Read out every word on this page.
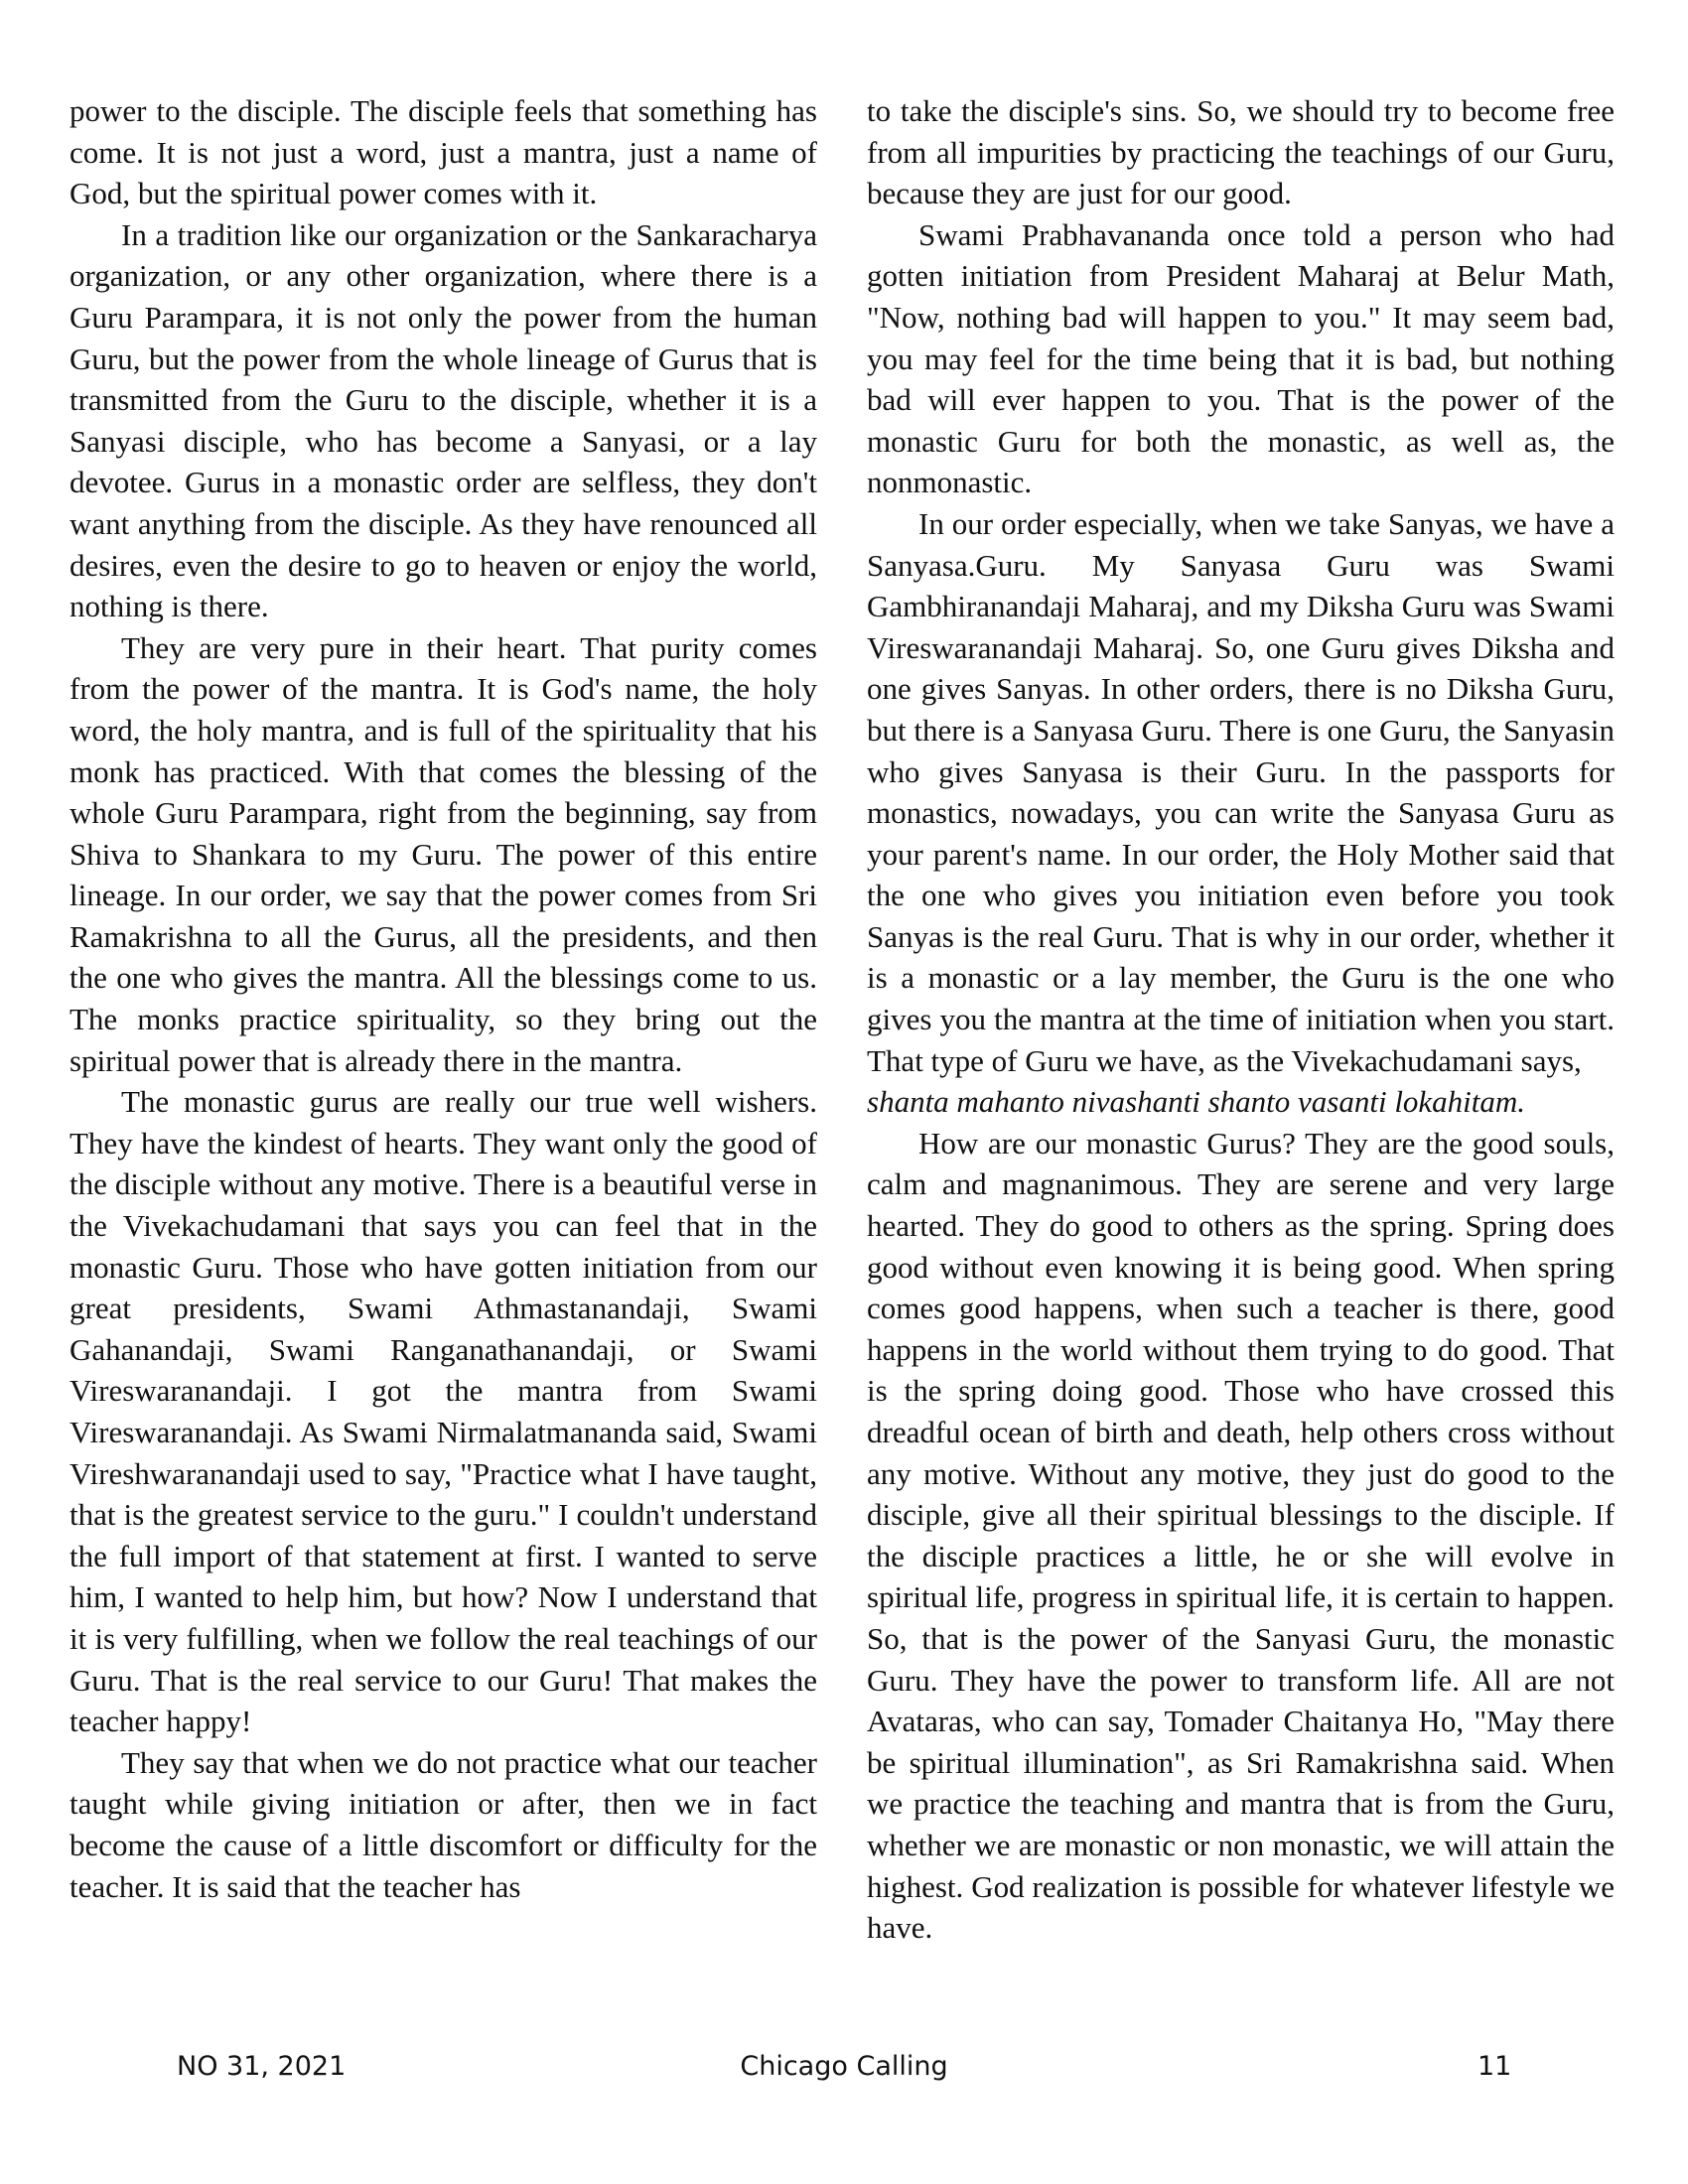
power to the disciple. The disciple feels that something has come. It is not just a word, just a mantra, just a name of God, but the spiritual power comes with it.

In a tradition like our organization or the Sankaracharya organization, or any other organization, where there is a Guru Parampara, it is not only the power from the human Guru, but the power from the whole lineage of Gurus that is transmitted from the Guru to the disciple, whether it is a Sanyasi disciple, who has become a Sanyasi, or a lay devotee. Gurus in a monastic order are selfless, they don't want anything from the disciple. As they have renounced all desires, even the desire to go to heaven or enjoy the world, nothing is there.

They are very pure in their heart. That purity comes from the power of the mantra. It is God's name, the holy word, the holy mantra, and is full of the spirituality that his monk has practiced. With that comes the blessing of the whole Guru Parampara, right from the beginning, say from Shiva to Shankara to my Guru. The power of this entire lineage. In our order, we say that the power comes from Sri Ramakrishna to all the Gurus, all the presidents, and then the one who gives the mantra. All the blessings come to us. The monks practice spirituality, so they bring out the spiritual power that is already there in the mantra.

The monastic gurus are really our true well wishers. They have the kindest of hearts. They want only the good of the disciple without any motive. There is a beautiful verse in the Vivekachudamani that says you can feel that in the monastic Guru. Those who have gotten initiation from our great presidents, Swami Athmastanandaji, Swami Gahanandaji, Swami Ranganathanandaji, or Swami Vireswaranandaji. I got the mantra from Swami Vireswaranandaji. As Swami Nirmalatmananda said, Swami Vireshwaranandaji used to say, "Practice what I have taught, that is the greatest service to the guru." I couldn't understand the full import of that statement at first. I wanted to serve him, I wanted to help him, but how? Now I understand that it is very fulfilling, when we follow the real teachings of our Guru. That is the real service to our Guru! That makes the teacher happy!

They say that when we do not practice what our teacher taught while giving initiation or after, then we in fact become the cause of a little discomfort or difficulty for the teacher. It is said that the teacher has

to take the disciple's sins. So, we should try to become free from all impurities by practicing the teachings of our Guru, because they are just for our good.

Swami Prabhavananda once told a person who had gotten initiation from President Maharaj at Belur Math, "Now, nothing bad will happen to you." It may seem bad, you may feel for the time being that it is bad, but nothing bad will ever happen to you. That is the power of the monastic Guru for both the monastic, as well as, the nonmonastic.

In our order especially, when we take Sanyas, we have a Sanyasa.Guru. My Sanyasa Guru was Swami Gambhiranandaji Maharaj, and my Diksha Guru was Swami Vireswaranandaji Maharaj. So, one Guru gives Diksha and one gives Sanyas. In other orders, there is no Diksha Guru, but there is a Sanyasa Guru. There is one Guru, the Sanyasin who gives Sanyasa is their Guru. In the passports for monastics, nowadays, you can write the Sanyasa Guru as your parent's name. In our order, the Holy Mother said that the one who gives you initiation even before you took Sanyas is the real Guru. That is why in our order, whether it is a monastic or a lay member, the Guru is the one who gives you the mantra at the time of initiation when you start. That type of Guru we have, as the Vivekachudamani says,

shanta mahanto nivashanti shanto vasanti lokahitam.

How are our monastic Gurus? They are the good souls, calm and magnanimous. They are serene and very large hearted. They do good to others as the spring. Spring does good without even knowing it is being good. When spring comes good happens, when such a teacher is there, good happens in the world without them trying to do good. That is the spring doing good. Those who have crossed this dreadful ocean of birth and death, help others cross without any motive. Without any motive, they just do good to the disciple, give all their spiritual blessings to the disciple. If the disciple practices a little, he or she will evolve in spiritual life, progress in spiritual life, it is certain to happen. So, that is the power of the Sanyasi Guru, the monastic Guru. They have the power to transform life. All are not Avataras, who can say, Tomader Chaitanya Ho, "May there be spiritual illumination", as Sri Ramakrishna said. When we practice the teaching and mantra that is from the Guru, whether we are monastic or non monastic, we will attain the highest. God realization is possible for whatever lifestyle we have.

Chicago Calling
NO 31, 2021	11
